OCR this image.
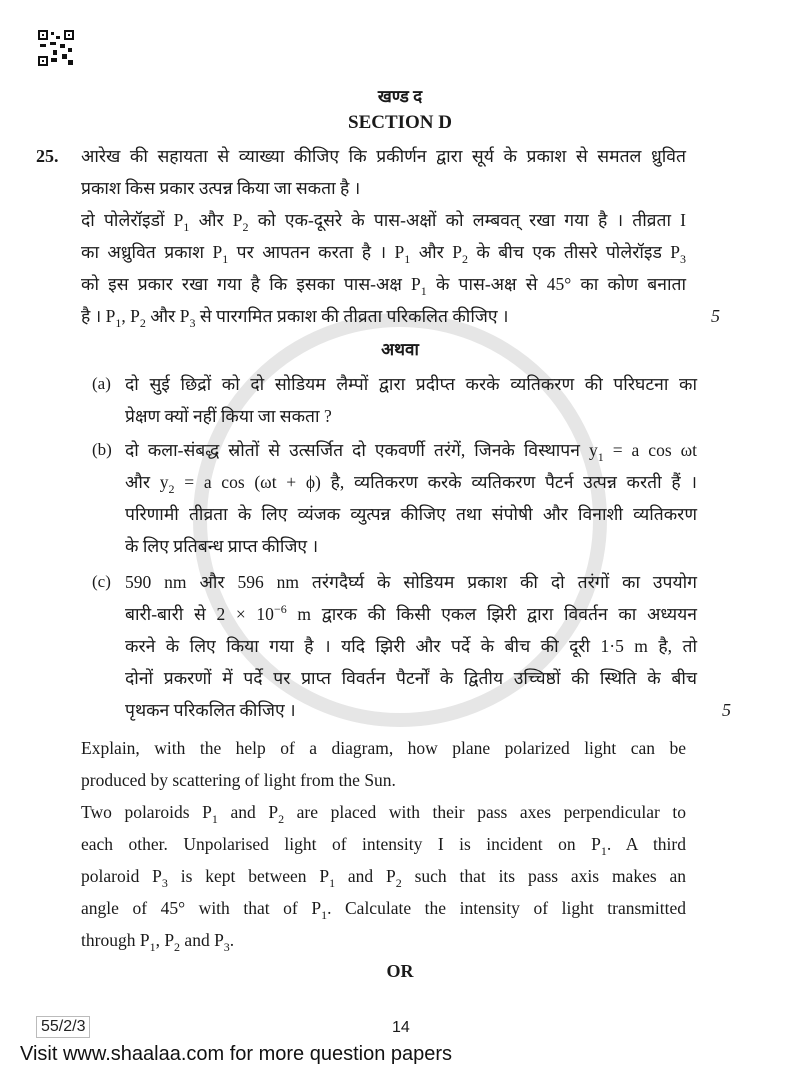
खण्ड द
SECTION D
25.	आरेख की सहायता से व्याख्या कीजिए कि प्रकीर्णन द्वारा सूर्य के प्रकाश से समतल ध्रुवित
प्रकाश किस प्रकार उत्पन्न किया जा सकता है ।
दो पोलेरॉइडों $P_1$ और $P_2$ को एक-दूसरे के पास-अक्षों को लम्बवत् रखा गया है । तीव्रता I
का अध्रुवित प्रकाश $P_1$ पर आपतन करता है । $P_1$ और $P_2$ के बीच एक तीसरे पोलेरॉइड $P_3$
को इस प्रकार रखा गया है कि इसका पास-अक्ष $P_1$ के पास-अक्ष से 45° का कोण बनाता
है । $P_1$, $P_2$ और $P_3$ से पारगमित प्रकाश की तीव्रता परिकलित कीजिए ।	5
अथवा
(a) दो सुई छिद्रों को दो सोडियम लैम्पों द्वारा प्रदीप्त करके व्यतिकरण की परिघटना का
प्रेक्षण क्यों नहीं किया जा सकता ?
(b) दो कला-संबद्ध स्रोतों से उत्सर्जित दो एकवर्णी तरंगें, जिनके विस्थापन $y_1 = a$ cos ωt
और $y_2 = a$ cos (ωt + ϕ) है, व्यतिकरण करके व्यतिकरण पैटर्न उत्पन्न करती हैं ।
परिणामी तीव्रता के लिए व्यंजक व्युत्पन्न कीजिए तथा संपोषी और विनाशी व्यतिकरण
के लिए प्रतिबन्ध प्राप्त कीजिए ।
(c) 590 nm और 596 nm तरंगदैर्घ्य के सोडियम प्रकाश की दो तरंगों का उपयोग
बारी-बारी से $2 \times 10^{-6}$ m द्वारक की किसी एकल झिरी द्वारा विवर्तन का अध्ययन
करने के लिए किया गया है । यदि झिरी और पर्दे के बीच की दूरी 1·5 m है, तो
दोनों प्रकरणों में पर्दे पर प्राप्त विवर्तन पैटर्नों के द्वितीय उच्चिष्ठों की स्थिति के बीच
पृथकन परिकलित कीजिए ।	5
Explain, with the help of a diagram, how plane polarized light can be
produced by scattering of light from the Sun.
Two polaroids $P_1$ and $P_2$ are placed with their pass axes perpendicular to
each other. Unpolarised light of intensity I is incident on $P_1$. A third
polaroid $P_3$ is kept between $P_1$ and $P_2$ such that its pass axis makes an
angle of 45° with that of $P_1$. Calculate the intensity of light transmitted
through $P_1$, $P_2$ and $P_3$.
OR
55/2/3	14
Visit www.shaalaa.com for more question papers
